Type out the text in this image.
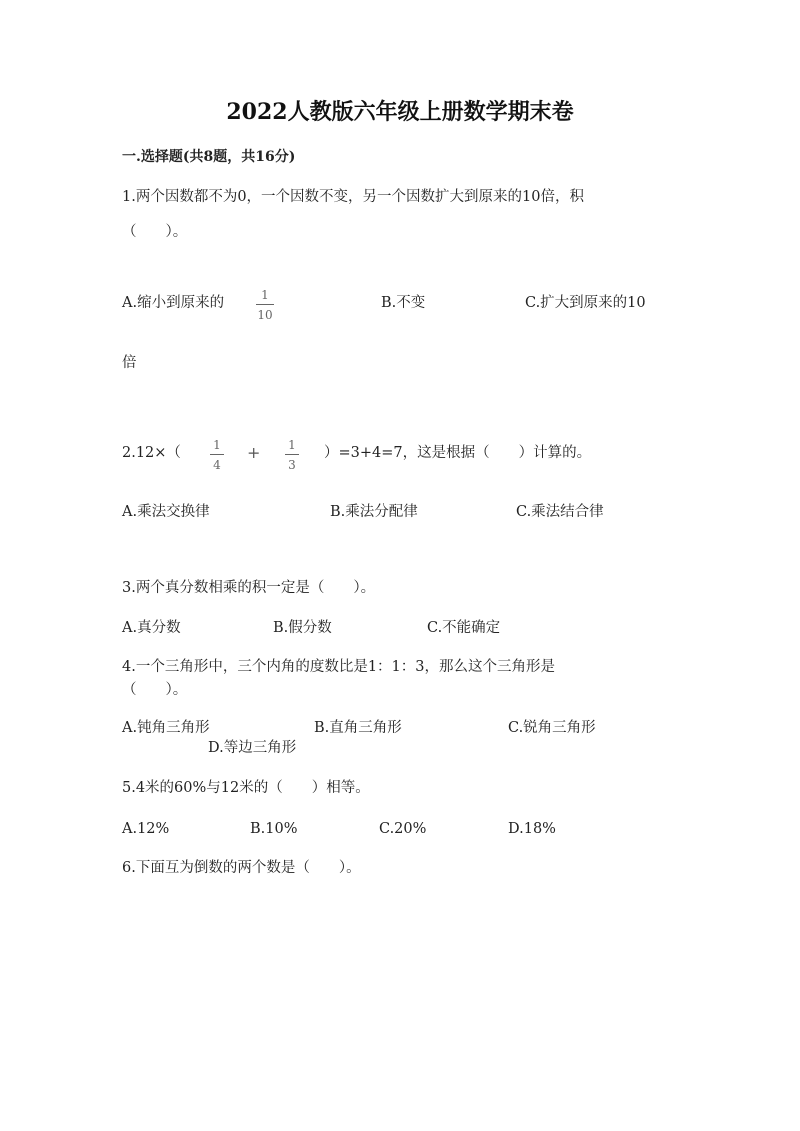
2022人教版六年级上册数学期末卷
一.选择题(共8题，共16分)
1.两个因数都不为0，一个因数不变，另一个因数扩大到原来的10倍，积
（　　）。
A.缩小到原来的	1
10
B.不变	C.扩大到原来的10
倍
2.12×（	1
4
+ 1
3
）=3+4=7，这是根据（　　）计算的。
A.乘法交换律	B.乘法分配律	C.乘法结合律
3.两个真分数相乘的积一定是（　　）。
A.真分数	B.假分数	C.不能确定
4.一个三角形中，三个内角的度数比是1：1：3，那么这个三角形是
（　　）。
A.钝角三角形	B.直角三角形	C.锐角三角形
D.等边三角形
5.4米的60%与12米的（　　）相等。
A.12%	B.10%	C.20%	D.18%
6.下面互为倒数的两个数是（　　）。
